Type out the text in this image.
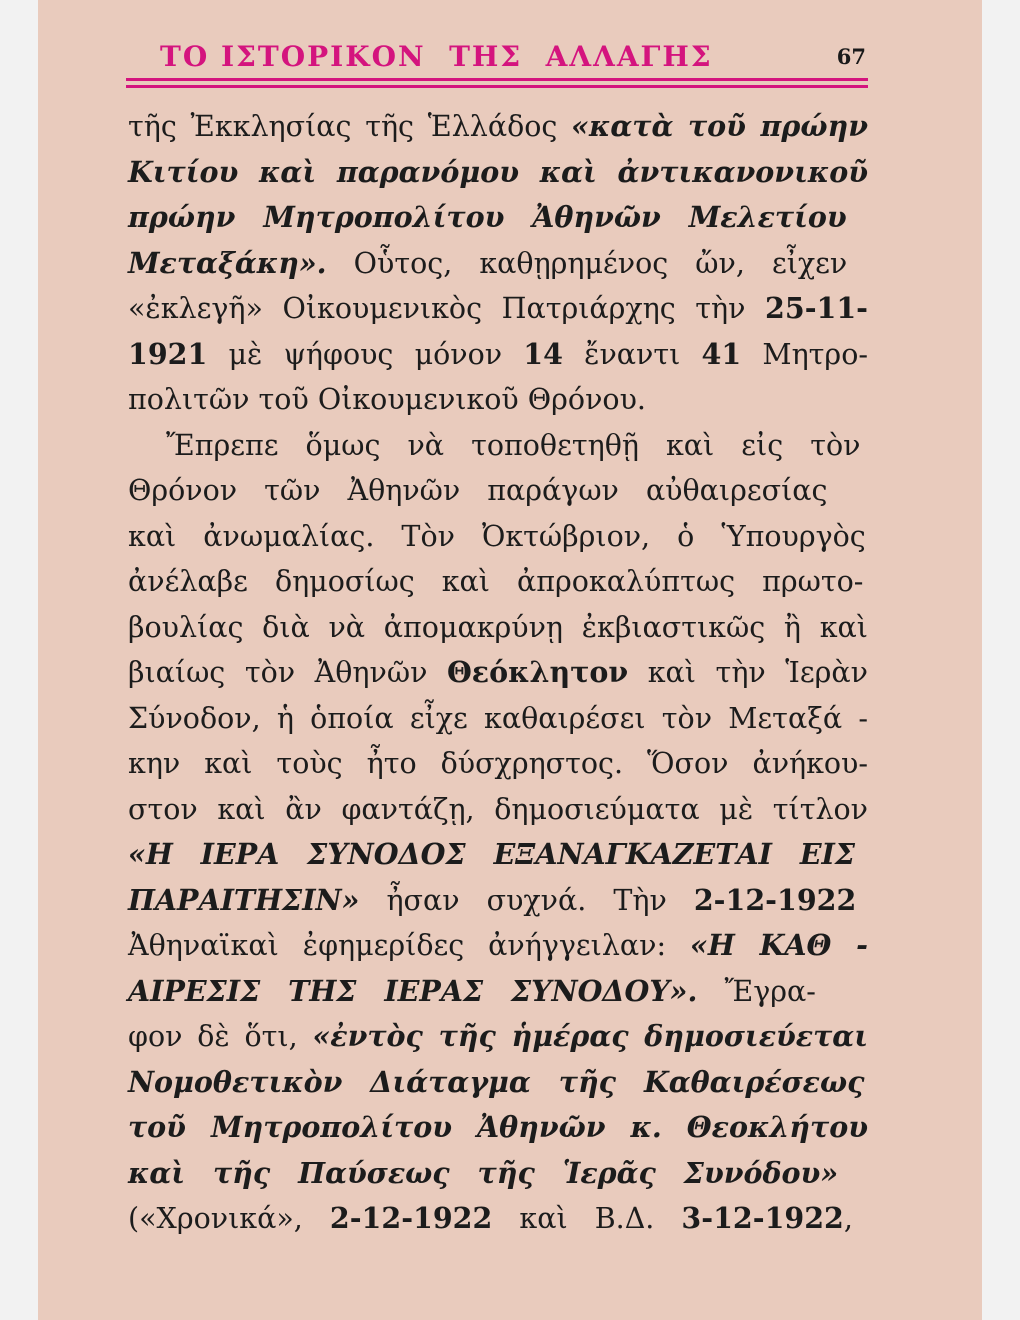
ΤΟ ΙΣΤΟΡΙΚΟΝ  ΤΗΣ  ΑΛΛΑΓΗΣ	67
τῆς Ἐκκλησίας τῆς Ἑλλάδος «κατὰ τοῦ πρώην
Κιτίου καὶ παρανόμου καὶ ἀντικανονικοῦ
πρώην Μητροπολίτου Ἀθηνῶν Μελετίου
Μεταξάκη». Οὗτος, καθῃρημένος ὤν, εἶχεν
«ἐκλεγῆ» Οἰκουμενικὸς Πατριάρχης τὴν 25-11-
1921 μὲ ψήφους μόνον 14 ἔναντι 41 Μητρο-
πολιτῶν τοῦ Οἰκουμενικοῦ Θρόνου.
Ἔπρεπε ὅμως νὰ τοποθετηθῇ καὶ εἰς τὸν
Θρόνον τῶν Ἀθηνῶν παράγων αὐθαιρεσίας
καὶ ἀνωμαλίας. Τὸν Ὀκτώβριον, ὁ Ὑπουργὸς
ἀνέλαβε δημοσίως καὶ ἀπροκαλύπτως πρωτο-
βουλίας διὰ νὰ ἀπομακρύνῃ ἐκβιαστικῶς ἢ καὶ
βιαίως τὸν Ἀθηνῶν Θεόκλητον καὶ τὴν Ἱερὰν
Σύνοδον, ἡ ὁποία εἶχε καθαιρέσει τὸν Μεταξά -
κην καὶ τοὺς ἦτο δύσχρηστος. Ὅσον ἀνήκου-
στον καὶ ἂν φαντάζῃ, δημοσιεύματα μὲ τίτλον
«Η ΙΕΡΑ ΣΥΝΟΔΟΣ ΕΞΑΝΑΓΚΑΖΕΤΑΙ ΕΙΣ
ΠΑΡΑΙΤΗΣΙΝ» ἦσαν συχνά. Τὴν 2-12-1922
Ἀθηναϊκαὶ ἐφημερίδες ἀνήγγειλαν: «Η ΚΑΘ -
ΑΙΡΕΣΙΣ ΤΗΣ ΙΕΡΑΣ ΣΥΝΟΔΟΥ». Ἔγρα-
φον δὲ ὅτι, «ἐντὸς τῆς ἡμέρας δημοσιεύεται
Νομοθετικὸν Διάταγμα τῆς Καθαιρέσεως
τοῦ Μητροπολίτου Ἀθηνῶν κ. Θεοκλήτου
καὶ τῆς Παύσεως τῆς Ἱερᾶς Συνόδου»
(«Χρονικά», 2-12-1922 καὶ Β.Δ. 3-12-1922,
